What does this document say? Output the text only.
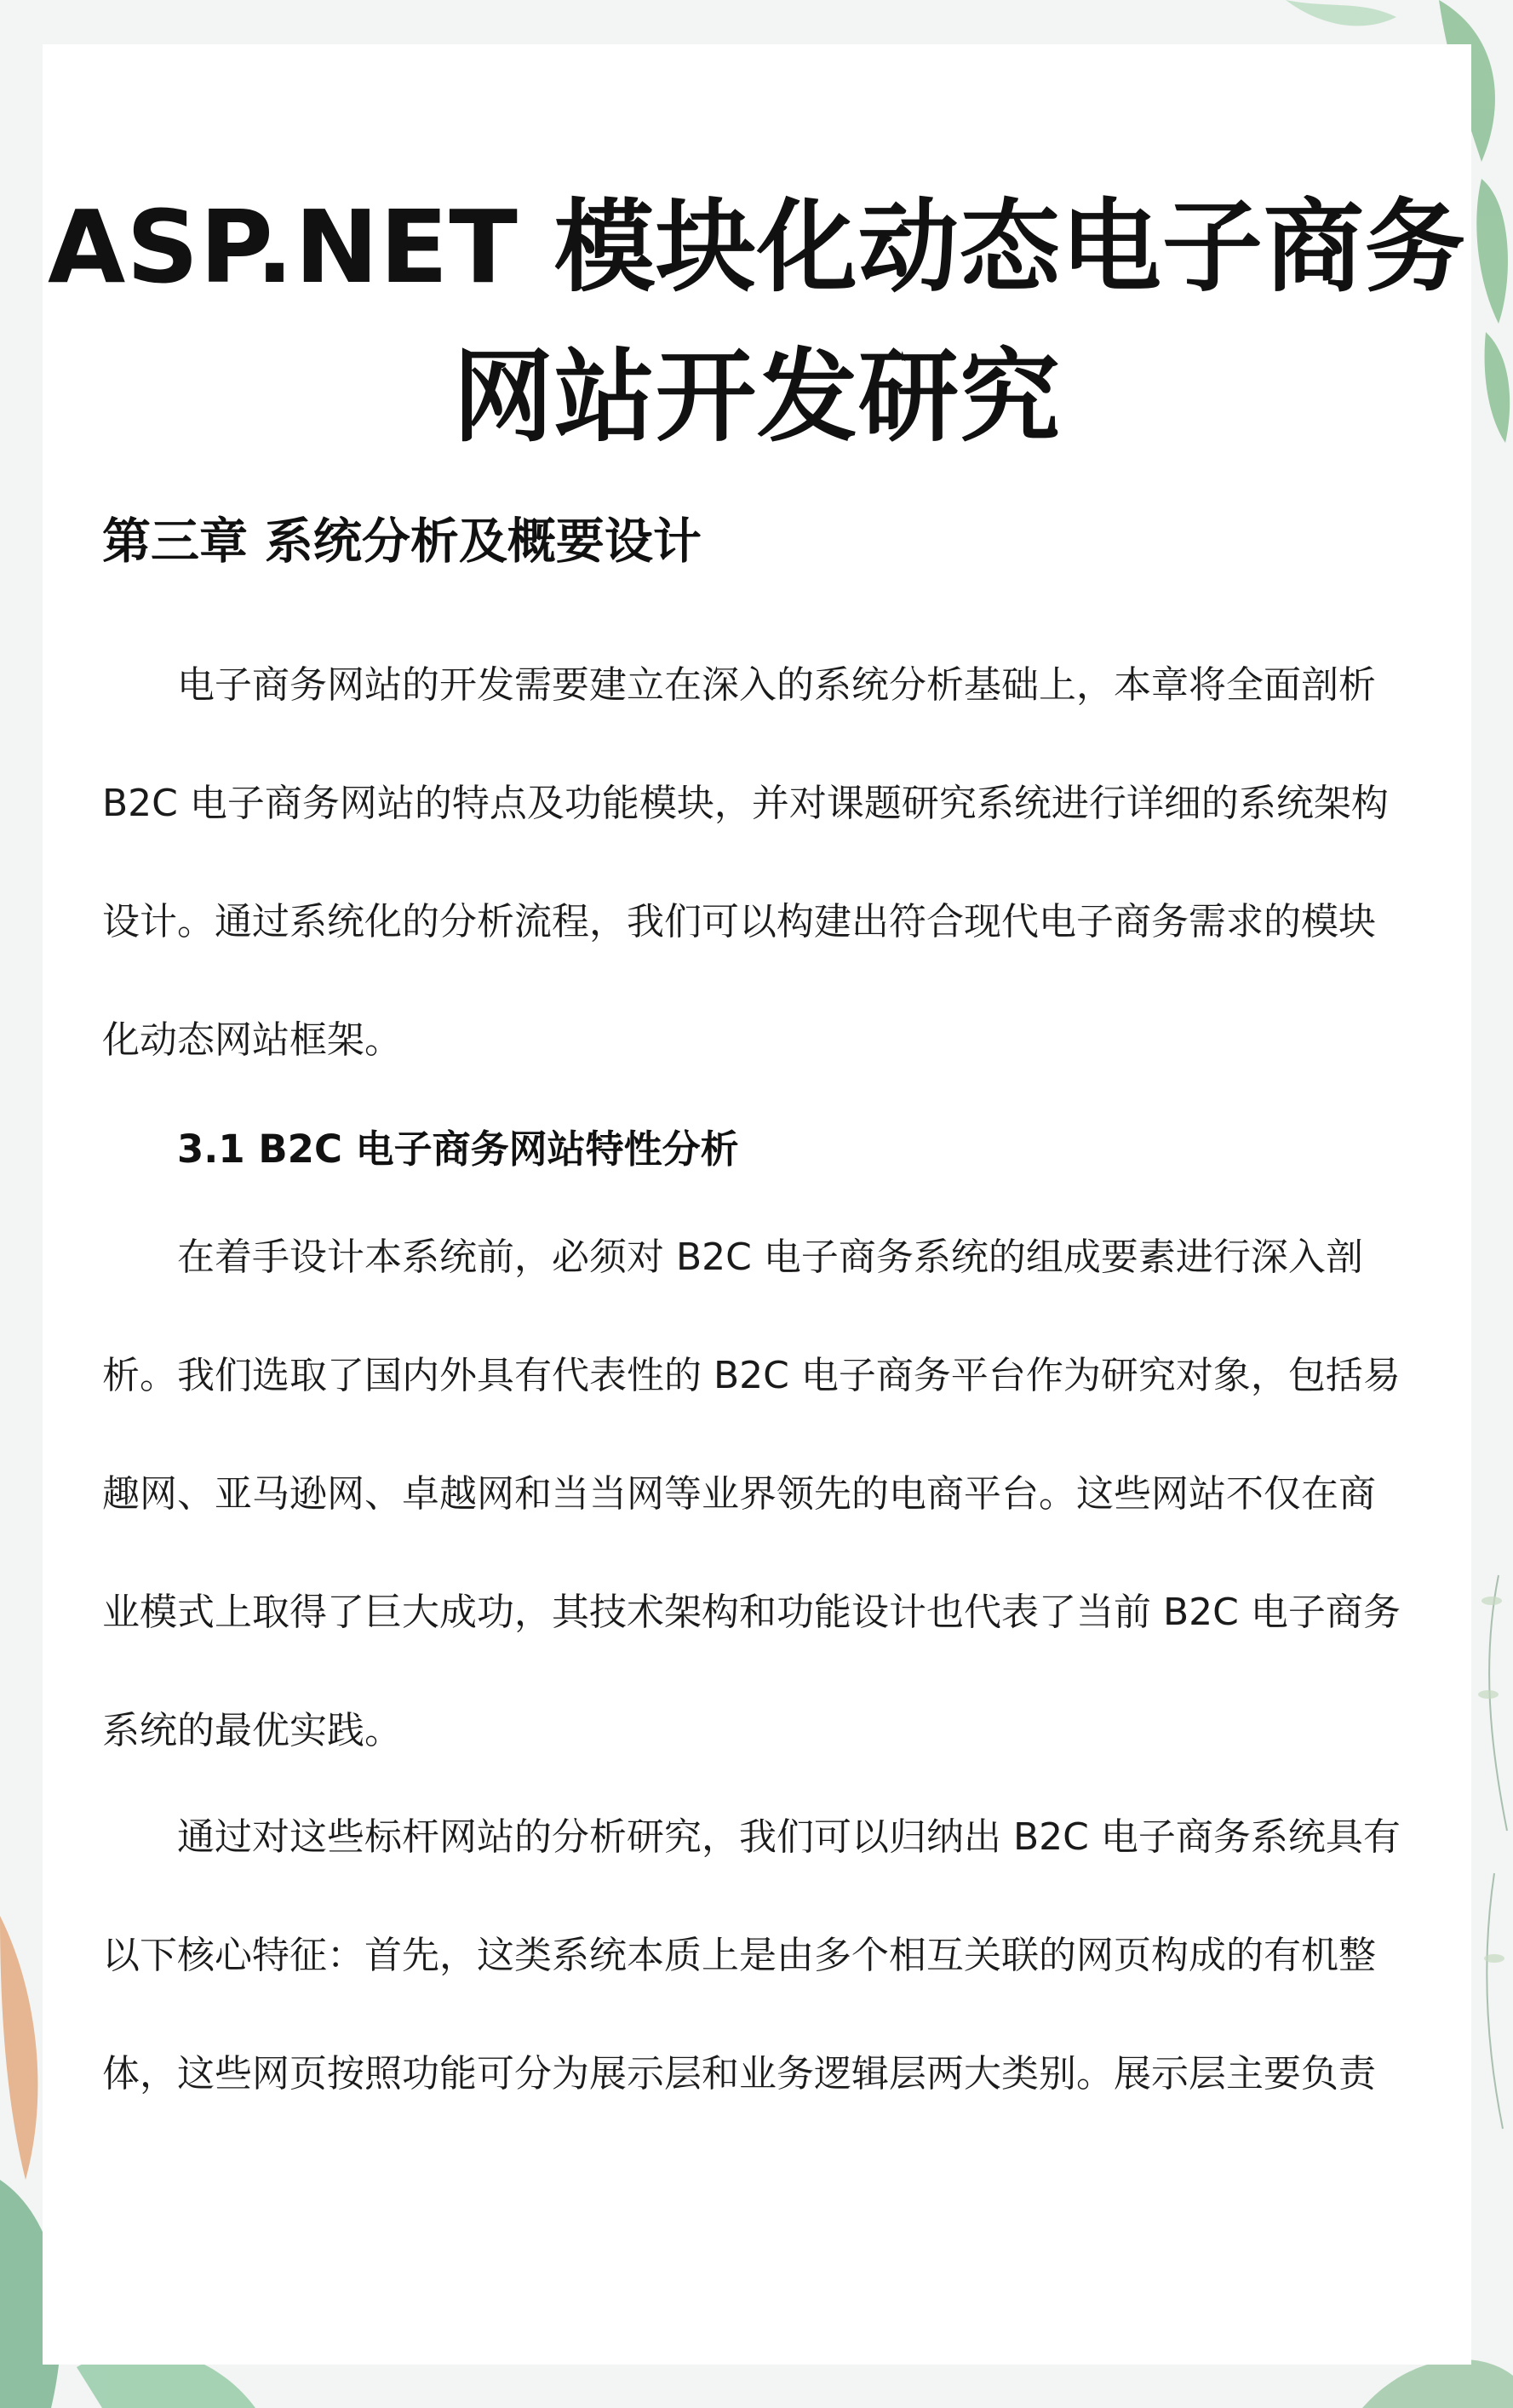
ASP.NET 模块化动态电子商务
网站开发研究
第三章 系统分析及概要设计
电子商务网站的开发需要建立在深入的系统分析基础上，本章将全面剖析
B2C 电子商务网站的特点及功能模块，并对课题研究系统进行详细的系统架构
设计。通过系统化的分析流程，我们可以构建出符合现代电子商务需求的模块
化动态网站框架。
3.1 B2C 电子商务网站特性分析
在着手设计本系统前，必须对 B2C 电子商务系统的组成要素进行深入剖
析。我们选取了国内外具有代表性的 B2C 电子商务平台作为研究对象，包括易
趣网、亚马逊网、卓越网和当当网等业界领先的电商平台。这些网站不仅在商
业模式上取得了巨大成功，其技术架构和功能设计也代表了当前 B2C 电子商务
系统的最优实践。
通过对这些标杆网站的分析研究，我们可以归纳出 B2C 电子商务系统具有
以下核心特征：首先，这类系统本质上是由多个相互关联的网页构成的有机整
体，这些网页按照功能可分为展示层和业务逻辑层两大类别。展示层主要负责
